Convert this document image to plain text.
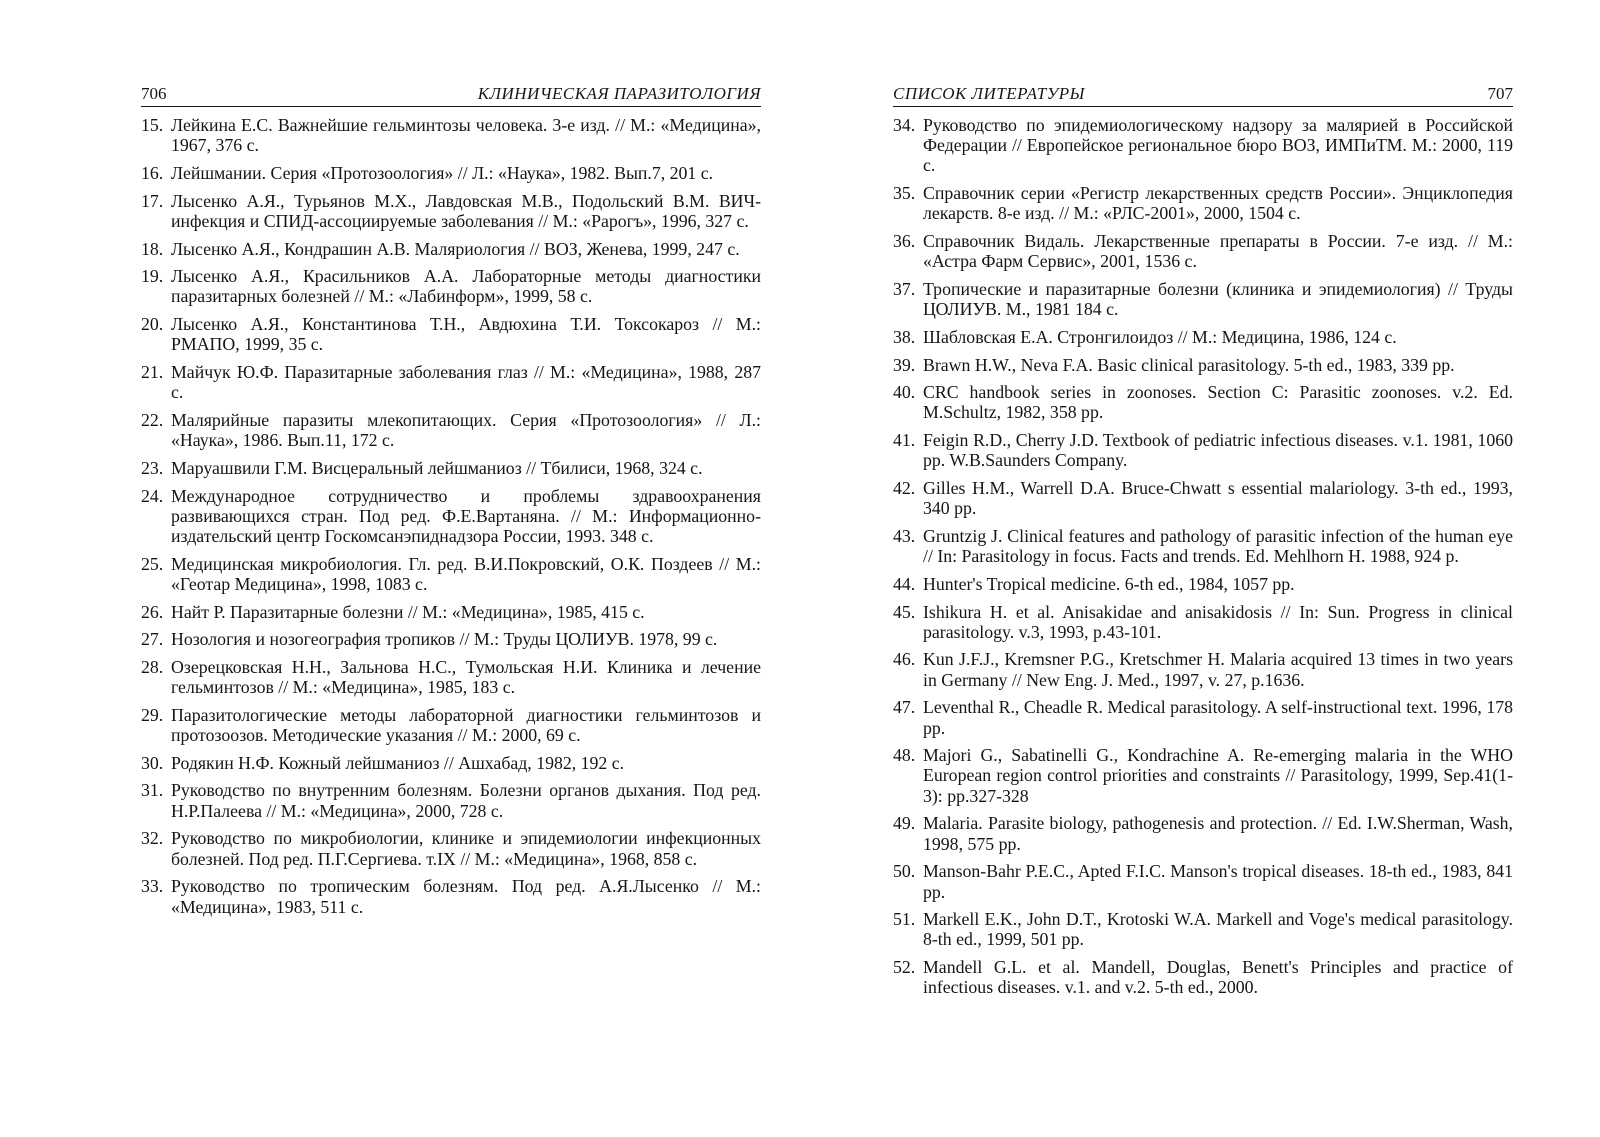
706	КЛИНИЧЕСКАЯ ПАРАЗИТОЛОГИЯ
15. Лейкина Е.С. Важнейшие гельминтозы человека. 3-е изд. // М.: «Медицина», 1967, 376 с.
16. Лейшмании. Серия «Протозоология» // Л.: «Наука», 1982. Вып.7, 201 с.
17. Лысенко А.Я., Турьянов М.Х., Лавдовская М.В., Подольский В.М. ВИЧ-инфекция и СПИД-ассоциируемые заболевания // М.: «Рарогъ», 1996, 327 с.
18. Лысенко А.Я., Кондрашин А.В. Маляриология // ВОЗ, Женева, 1999, 247 с.
19. Лысенко А.Я., Красильников А.А. Лабораторные методы диагностики паразитарных болезней // М.: «Лабинформ», 1999, 58 с.
20. Лысенко А.Я., Константинова Т.Н., Авдюхина Т.И. Токсокароз // М.: РМАПО, 1999, 35 с.
21. Майчук Ю.Ф. Паразитарные заболевания глаз // М.: «Медицина», 1988, 287 с.
22. Малярийные паразиты млекопитающих. Серия «Протозоология» // Л.: «Наука», 1986. Вып.11, 172 с.
23. Маруашвили Г.М. Висцеральный лейшманиоз // Тбилиси, 1968, 324 с.
24. Международное сотрудничество и проблемы здравоохранения развивающихся стран. Под ред. Ф.Е.Вартаняна. // М.: Информационно-издательский центр Госкомсанэпиднадзора России, 1993. 348 с.
25. Медицинская микробиология. Гл. ред. В.И.Покровский, О.К. Поздеев // М.: «Геотар Медицина», 1998, 1083 с.
26. Найт Р. Паразитарные болезни // М.: «Медицина», 1985, 415 с.
27. Нозология и нозогеография тропиков // М.: Труды ЦОЛИУВ. 1978, 99 с.
28. Озерецковская Н.Н., Зальнова Н.С., Тумольская Н.И. Клиника и лечение гельминтозов // М.: «Медицина», 1985, 183 с.
29. Паразитологические методы лабораторной диагностики гельминтозов и протозоозов. Методические указания // М.: 2000, 69 с.
30. Родякин Н.Ф. Кожный лейшманиоз // Ашхабад, 1982, 192 с.
31. Руководство по внутренним болезням. Болезни органов дыхания. Под ред. Н.Р.Палеева // М.: «Медицина», 2000, 728 с.
32. Руководство по микробиологии, клинике и эпидемиологии инфекционных болезней. Под ред. П.Г.Сергиева. т.IX // М.: «Медицина», 1968, 858 с.
33. Руководство по тропическим болезням. Под ред. А.Я.Лысенко // М.: «Медицина», 1983, 511 с.
СПИСОК ЛИТЕРАТУРЫ	707
34. Руководство по эпидемиологическому надзору за малярией в Российской Федерации // Европейское региональное бюро ВОЗ, ИМПиТМ. М.: 2000, 119 с.
35. Справочник серии «Регистр лекарственных средств России». Энциклопедия лекарств. 8-е изд. // М.: «РЛС-2001», 2000, 1504 с.
36. Справочник Видаль. Лекарственные препараты в России. 7-е изд. // М.: «Астра Фарм Сервис», 2001, 1536 с.
37. Тропические и паразитарные болезни (клиника и эпидемиология) // Труды ЦОЛИУВ. М., 1981 184 с.
38. Шабловская Е.А. Стронгилоидоз // М.: Медицина, 1986, 124 с.
39. Brawn H.W., Neva F.A. Basic clinical parasitology. 5-th ed., 1983, 339 pp.
40. CRC handbook series in zoonoses. Section C: Parasitic zoonoses. v.2. Ed. M.Schultz, 1982, 358 pp.
41. Feigin R.D., Cherry J.D. Textbook of pediatric infectious diseases. v.1. 1981, 1060 pp. W.B.Saunders Company.
42. Gilles H.M., Warrell D.A. Bruce-Chwatt s essential malariology. 3-th ed., 1993, 340 pp.
43. Gruntzig J. Clinical features and pathology of parasitic infection of the human eye // In: Parasitology in focus. Facts and trends. Ed. Mehlhorn H. 1988, 924 p.
44. Hunter's Tropical medicine. 6-th ed., 1984, 1057 pp.
45. Ishikura H. et al. Anisakidae and anisakidosis // In: Sun. Progress in clinical parasitology. v.3, 1993, p.43-101.
46. Kun J.F.J., Kremsner P.G., Kretschmer H. Malaria acquired 13 times in two years in Germany // New Eng. J. Med., 1997, v. 27, p.1636.
47. Leventhal R., Cheadle R. Medical parasitology. A self-instructional text. 1996, 178 pp.
48. Majori G., Sabatinelli G., Kondrachine A. Re-emerging malaria in the WHO European region control priorities and constraints // Parasitology, 1999, Sep.41(1-3): pp.327-328
49. Malaria. Parasite biology, pathogenesis and protection. // Ed. I.W.Sherman, Wash, 1998, 575 pp.
50. Manson-Bahr P.E.C., Apted F.I.C. Manson's tropical diseases. 18-th ed., 1983, 841 pp.
51. Markell E.K., John D.T., Krotoski W.A. Markell and Voge's medical parasitology. 8-th ed., 1999, 501 pp.
52. Mandell G.L. et al. Mandell, Douglas, Benett's Principles and practice of infectious diseases. v.1. and v.2. 5-th ed., 2000.
